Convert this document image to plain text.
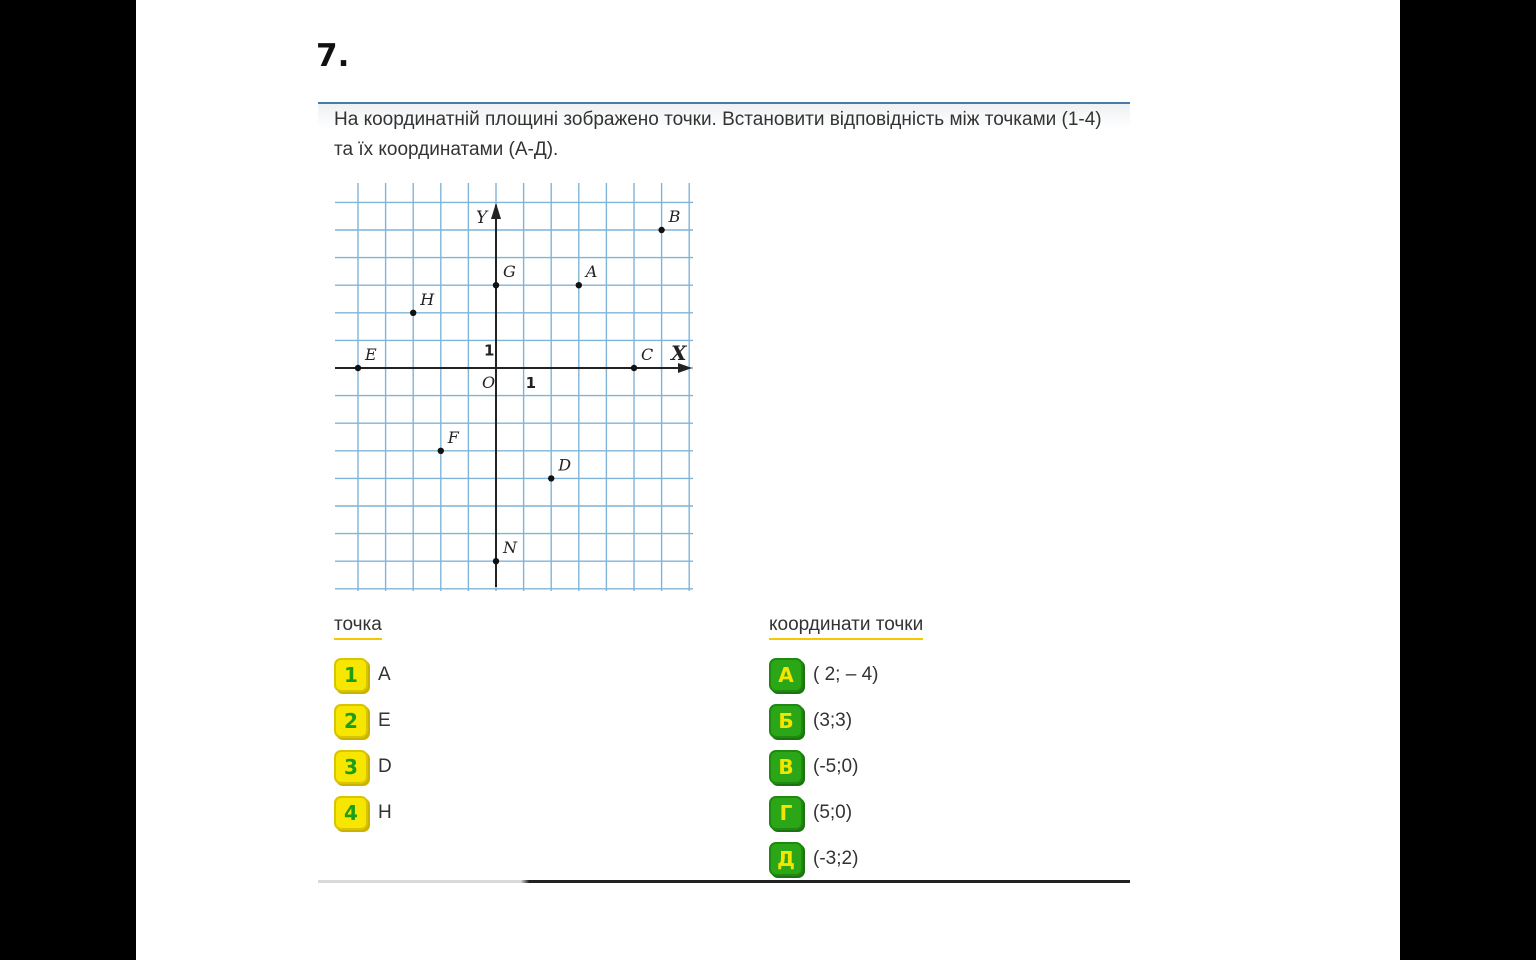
7.
На координатній площині зображено точки. Встановити відповідність між точками (1-4) та їх координатами (А-Д).
X
Y
O 1
1
B
G	A
H
E	C
F
D
N
точка	координати точки
1	A
2	E
3	D
4	H
А	( 2; – 4)
Б	(3;3)
В	(-5;0)
Г	(5;0)
Д (-3;2)
